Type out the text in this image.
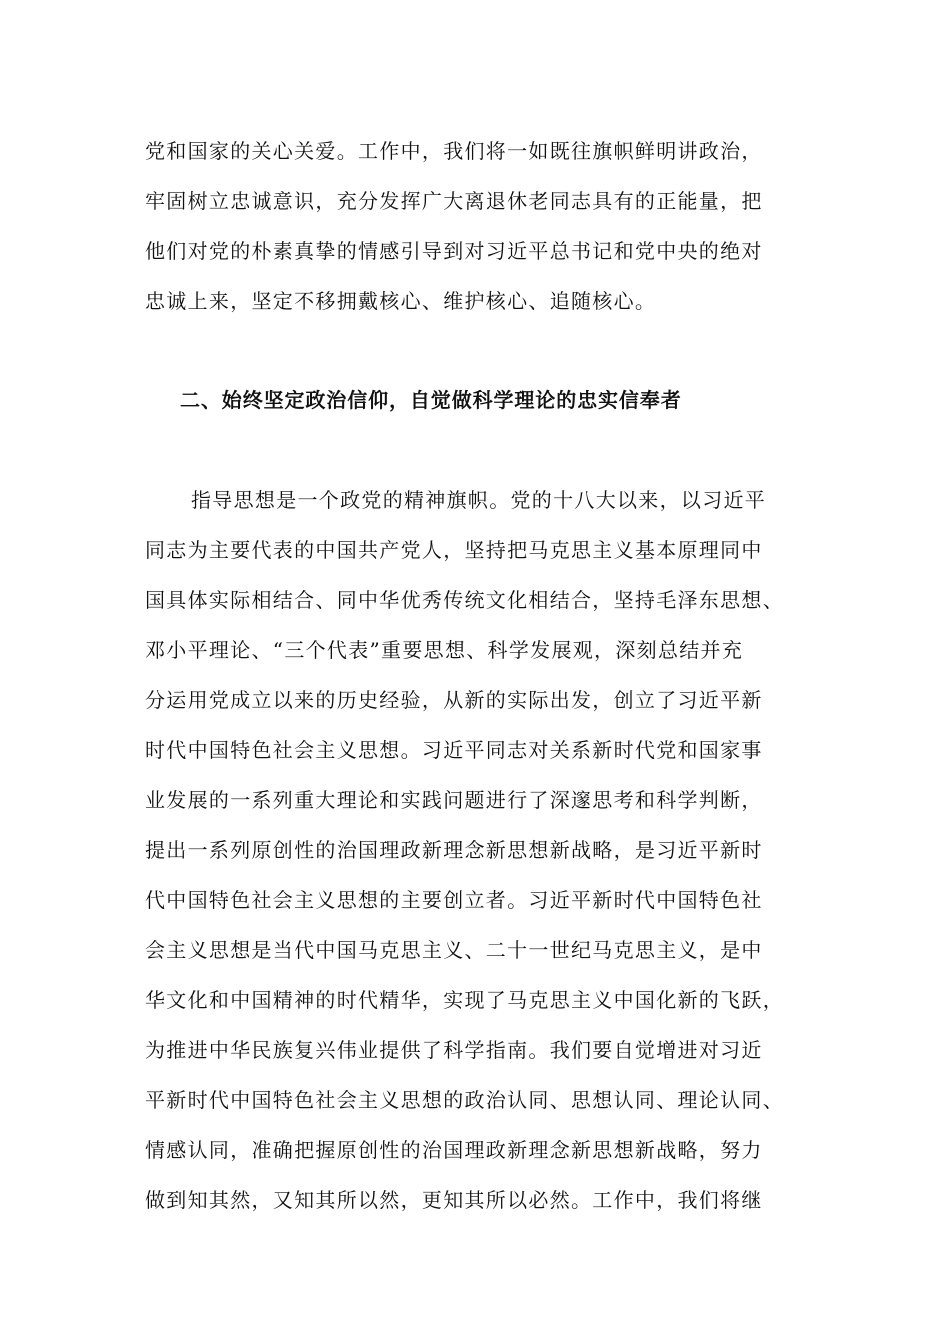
党和国家的关心关爱。工作中，我们将一如既往旗帜鲜明讲政治，
牢固树立忠诚意识，充分发挥广大离退休老同志具有的正能量，把
他们对党的朴素真挚的情感引导到对习近平总书记和党中央的绝对
忠诚上来，坚定不移拥戴核心、维护核心、追随核心。
二、始终坚定政治信仰，自觉做科学理论的忠实信奉者
指导思想是一个政党的精神旗帜。党的十八大以来，以习近平
同志为主要代表的中国共产党人，坚持把马克思主义基本原理同中
国具体实际相结合、同中华优秀传统文化相结合，坚持毛泽东思想、
邓小平理论、“三个代表”重要思想、科学发展观，深刻总结并充
分运用党成立以来的历史经验，从新的实际出发，创立了习近平新
时代中国特色社会主义思想。习近平同志对关系新时代党和国家事
业发展的一系列重大理论和实践问题进行了深邃思考和科学判断，
提出一系列原创性的治国理政新理念新思想新战略，是习近平新时
代中国特色社会主义思想的主要创立者。习近平新时代中国特色社
会主义思想是当代中国马克思主义、二十一世纪马克思主义，是中
华文化和中国精神的时代精华，实现了马克思主义中国化新的飞跃，
为推进中华民族复兴伟业提供了科学指南。我们要自觉增进对习近
平新时代中国特色社会主义思想的政治认同、思想认同、理论认同、
情感认同，准确把握原创性的治国理政新理念新思想新战略，努力
做到知其然，又知其所以然，更知其所以必然。工作中，我们将继
